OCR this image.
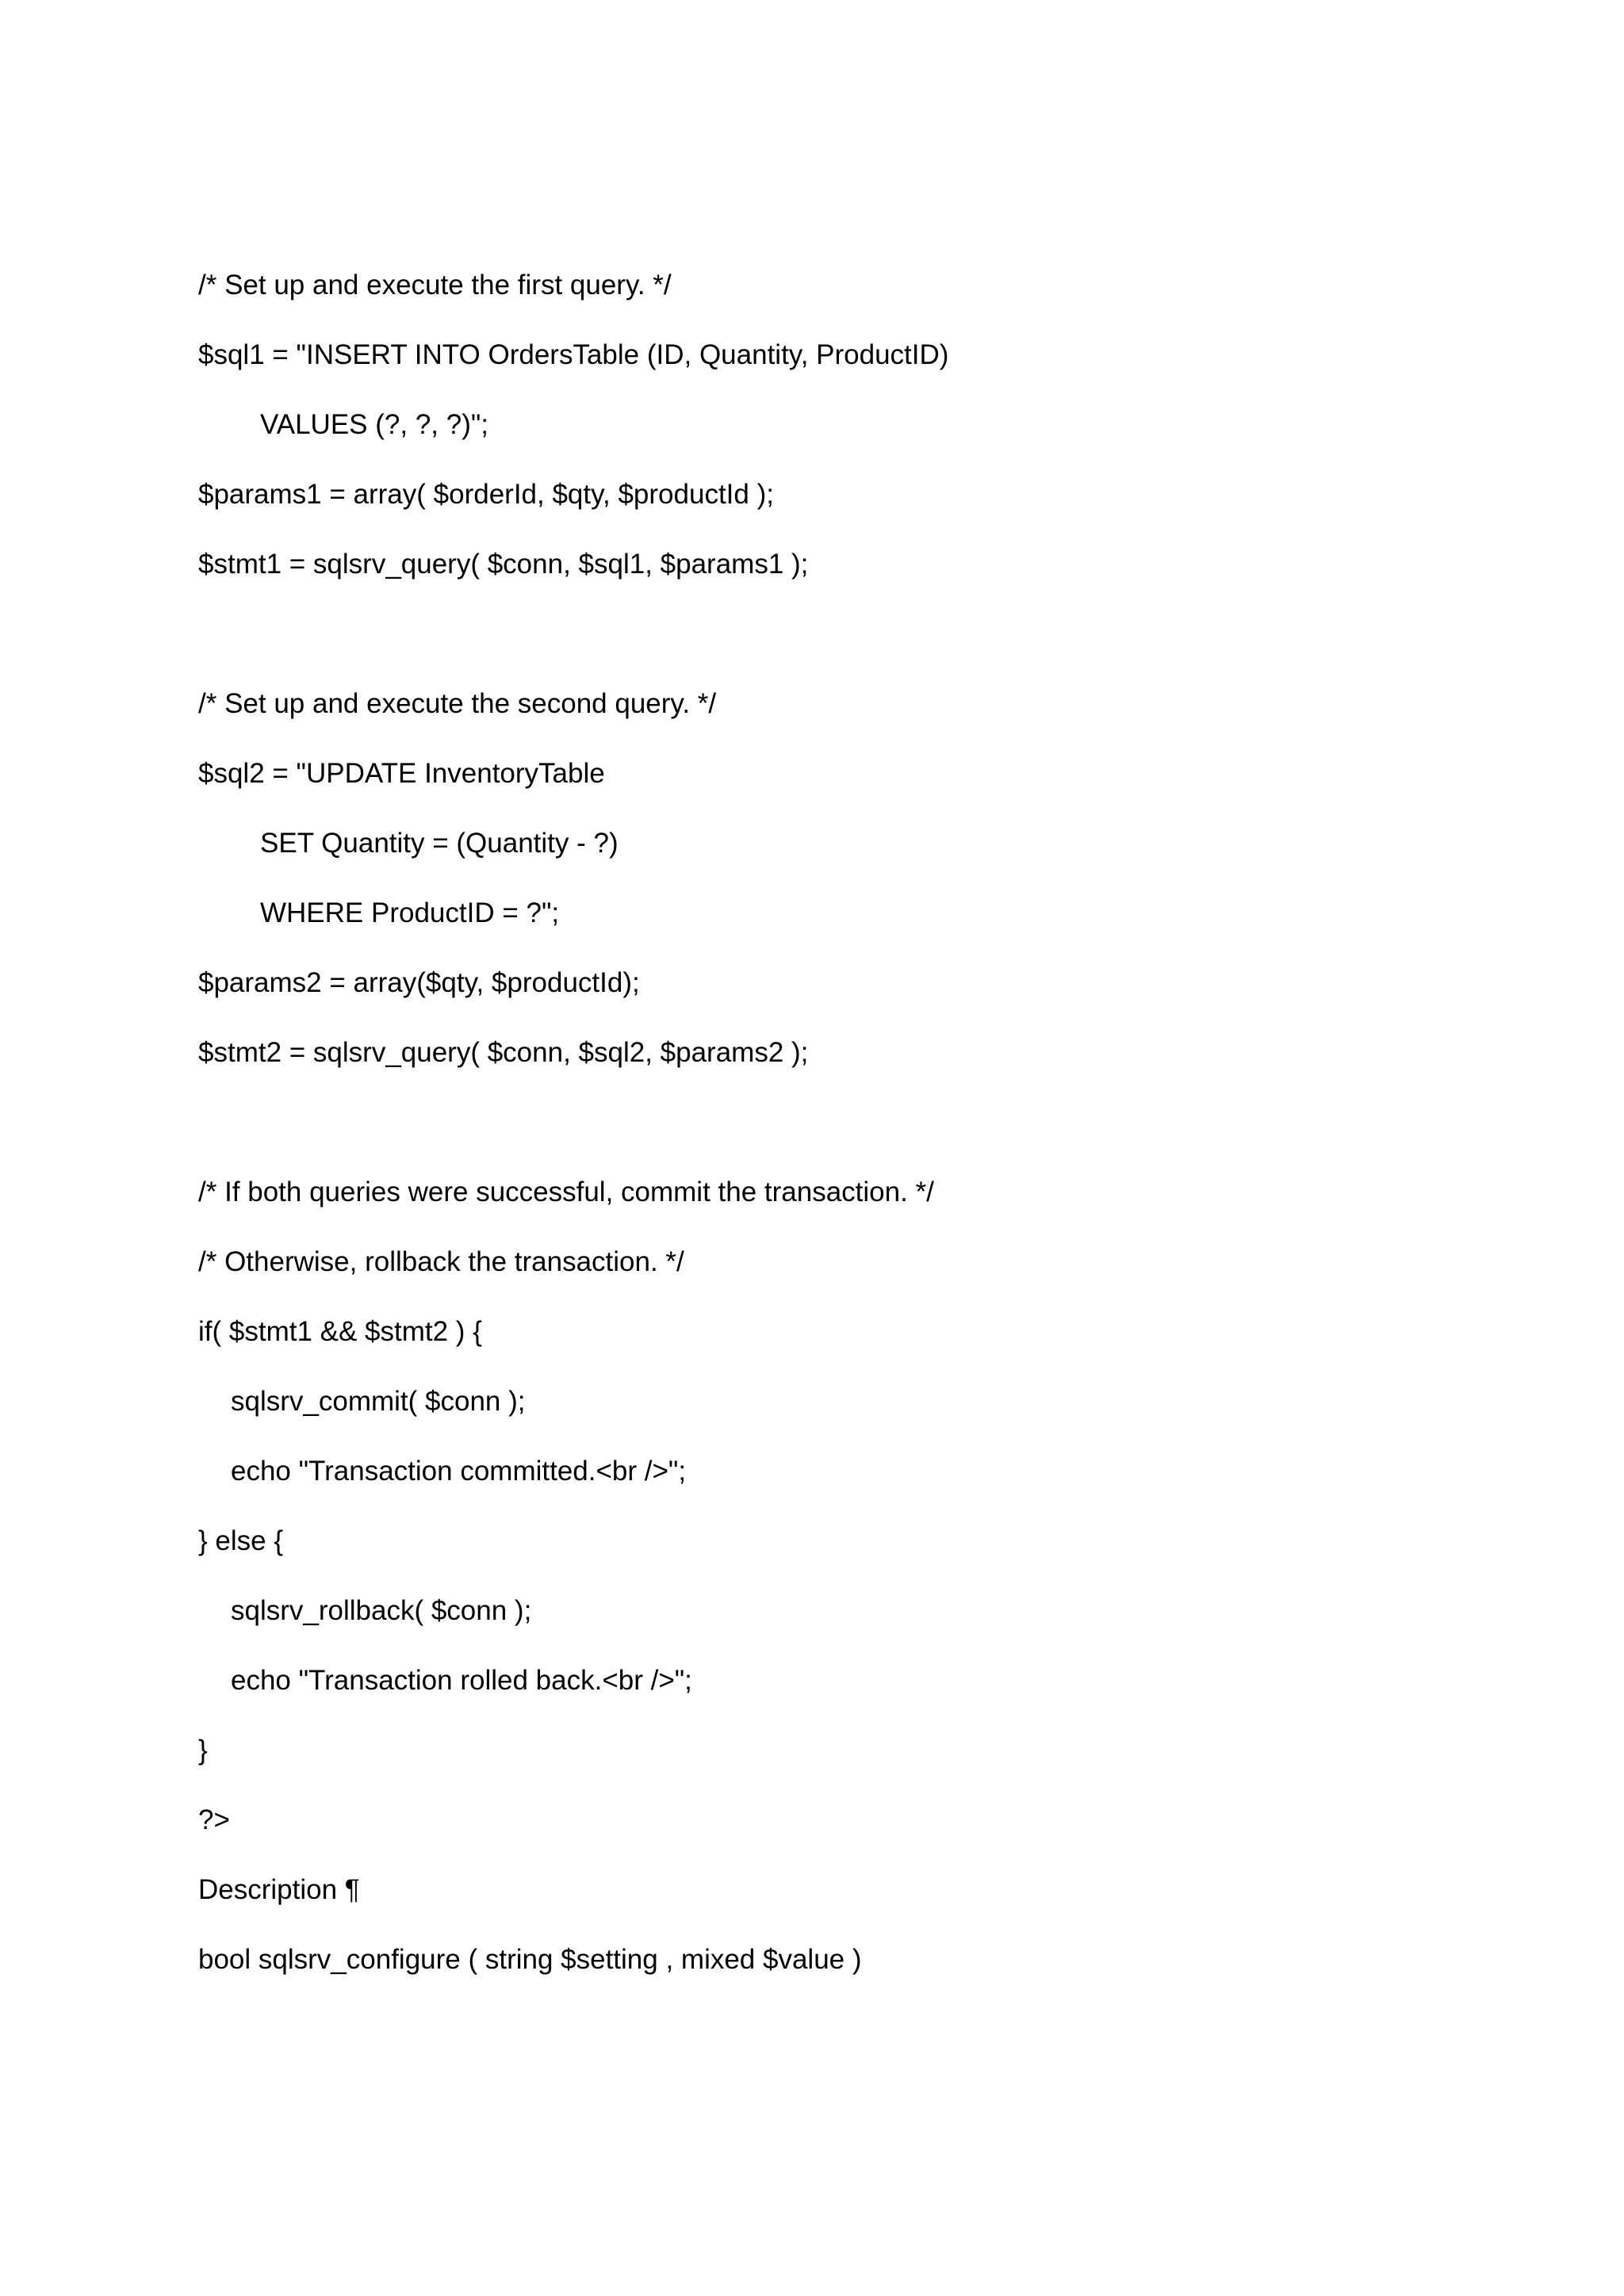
/* Set up and execute the first query. */
$sql1 = "INSERT INTO OrdersTable (ID, Quantity, ProductID)
VALUES (?, ?, ?)";
$params1 = array( $orderId, $qty, $productId );
$stmt1 = sqlsrv_query( $conn, $sql1, $params1 );
/* Set up and execute the second query. */
$sql2 = "UPDATE InventoryTable
SET Quantity = (Quantity - ?)
WHERE ProductID = ?";
$params2 = array($qty, $productId);
$stmt2 = sqlsrv_query( $conn, $sql2, $params2 );
/* If both queries were successful, commit the transaction. */
/* Otherwise, rollback the transaction. */
if( $stmt1 && $stmt2 ) {
sqlsrv_commit( $conn );
echo "Transaction committed.<br />";
} else {
sqlsrv_rollback( $conn );
echo "Transaction rolled back.<br />";
}
?>
Description ¶
bool sqlsrv_configure ( string $setting , mixed $value )
